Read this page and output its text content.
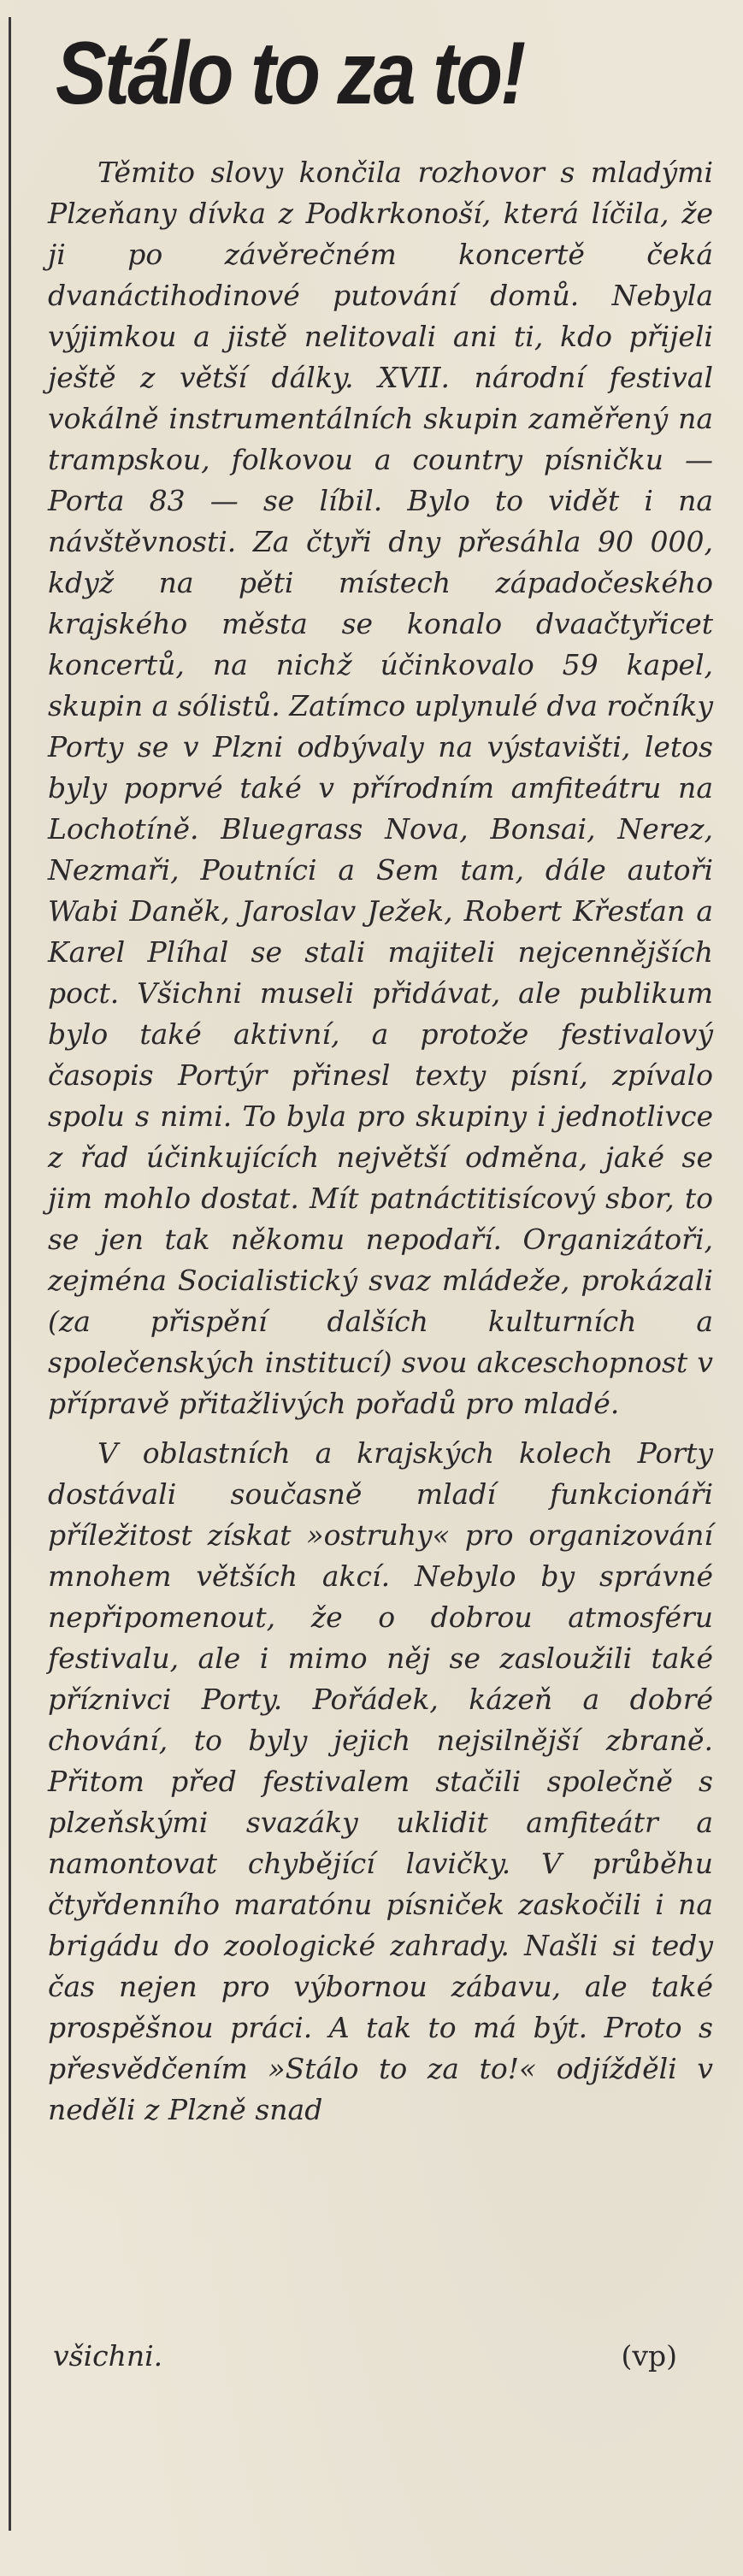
Stálo to za to!

Těmito slovy končila rozhovor s mladými Plzeňany dívka z Podkrkonoší, která líčila, že ji po závěrečném koncertě čeká dvanáctihodinové putování domů. Nebyla výjimkou a jistě nelitovali ani ti, kdo přijeli ještě z větší dálky. XVII. národní festival vokálně instrumentálních skupin zaměřený na trampskou, folkovou a country písničku — Porta 83 — se líbil. Bylo to vidět i na návštěvnosti. Za čtyři dny přesáhla 90 000, když na pěti místech západočeského krajského města se konalo dvaačtyřicet koncertů, na nichž účinkovalo 59 kapel, skupin a sólistů. Zatímco uplynulé dva ročníky Porty se v Plzni odbývaly na výstavišti, letos byly poprvé také v přírodním amfiteátru na Lochotíně. Bluegrass Nova, Bonsai, Nerez, Nezmaři, Poutníci a Sem tam, dále autoři Wabi Daněk, Jaroslav Ježek, Robert Křesťan a Karel Plíhal se stali majiteli nejcennějších poct. Všichni museli přidávat, ale publikum bylo také aktivní, a protože festivalový časopis Portýr přinesl texty písní, zpívalo spolu s nimi. To byla pro skupiny i jednotlivce z řad účinkujících největší odměna, jaké se jim mohlo dostat. Mít patnáctitisícový sbor, to se jen tak někomu nepodaří. Organizátoři, zejména Socialistický svaz mládeže, prokázali (za přispění dalších kulturních a společenských institucí) svou akceschopnost v přípravě přitažlivých pořadů pro mladé.

V oblastních a krajských kolech Porty dostávali současně mladí funkcionáři příležitost získat »ostruhy« pro organizování mnohem větších akcí. Nebylo by správné nepřipomenout, že o dobrou atmosféru festivalu, ale i mimo něj se zasloužili také příznivci Porty. Pořádek, kázeň a dobré chování, to byly jejich nejsilnější zbraně. Přitom před festivalem stačili společně s plzeňskými svazáky uklidit amfiteátr a namontovat chybějící lavičky. V průběhu čtyřdenního maratónu písniček zaskočili i na brigádu do zoologické zahrady. Našli si tedy čas nejen pro výbornou zábavu, ale také prospěšnou práci. A tak to má být. Proto s přesvědčením »Stálo to za to!« odjížděli v neděli z Plzně snad

všichni.	(vp)
